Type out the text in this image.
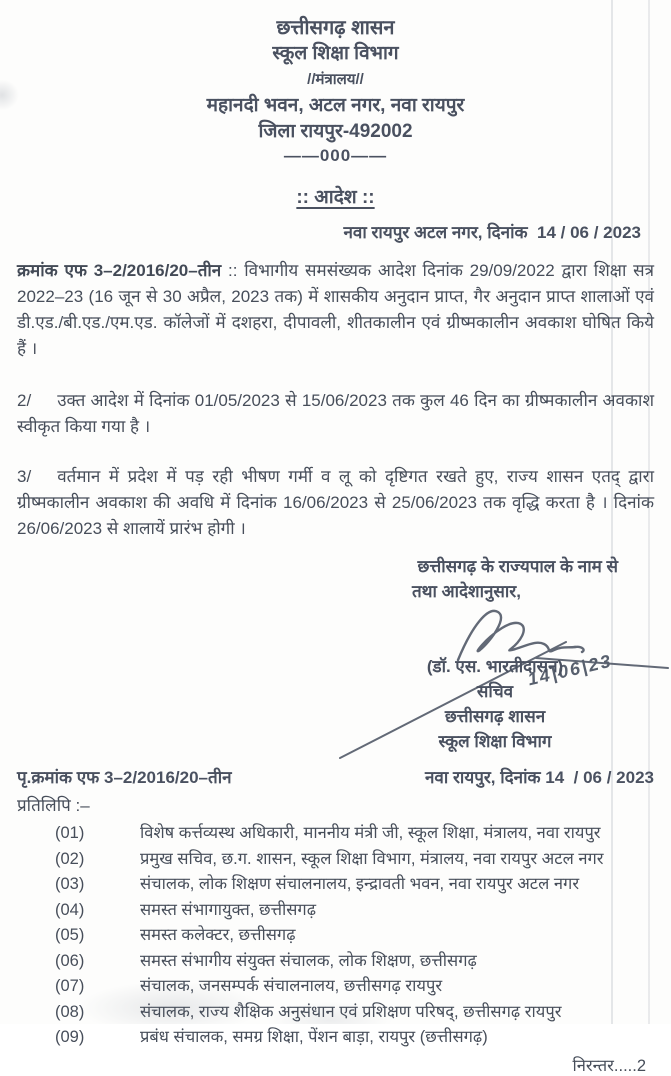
छत्तीसगढ़ शासन
स्कूल शिक्षा विभाग
//मंत्रालय//
महानदी भवन, अटल नगर, नवा रायपुर
जिला रायपुर-492002
——000——
:: आदेश ::
नवा रायपुर अटल नगर, दिनांक  14 / 06 / 2023

क्रमांक एफ 3–2/2016/20–तीन :: विभागीय समसंख्यक आदेश दिनांक 29/09/2022 द्वारा शिक्षा सत्र 2022–23 (16 जून से 30 अप्रैल, 2023 तक) में शासकीय अनुदान प्राप्त, गैर अनुदान प्राप्त शालाओं एवं डी.एड./बी.एड./एम.एड. कॉलेजों में दशहरा, दीपावली, शीतकालीन एवं ग्रीष्मकालीन अवकाश घोषित किये हैं ।

2/ उक्त आदेश में दिनांक 01/05/2023 से 15/06/2023 तक कुल 46 दिन का ग्रीष्मकालीन अवकाश स्वीकृत किया गया है ।

3/ वर्तमान में प्रदेश में पड़ रही भीषण गर्मी व लू को दृष्टिगत रखते हुए, राज्य शासन एतद् द्वारा ग्रीष्मकालीन अवकाश की अवधि में दिनांक 16/06/2023 से 25/06/2023 तक वृद्धि करता है । दिनांक 26/06/2023 से शालायें प्रारंभ होगी ।

छत्तीसगढ़ के राज्यपाल के नाम से
तथा आदेशानुसार,
14|06|23
(डॉ. एस. भारतीदासन)
सचिव
छत्तीसगढ़ शासन
स्कूल शिक्षा विभाग
पृ.क्रमांक एफ 3–2/2016/20–तीन	नवा रायपुर, दिनांक 14  / 06 / 2023
प्रतिलिपि :–
(01)	विशेष कर्त्तव्यस्थ अधिकारी, माननीय मंत्री जी, स्कूल शिक्षा, मंत्रालय, नवा रायपुर
(02)	प्रमुख सचिव, छ.ग. शासन, स्कूल शिक्षा विभाग, मंत्रालय, नवा रायपुर अटल नगर
(03)	संचालक, लोक शिक्षण संचालनालय, इन्द्रावती भवन, नवा रायपुर अटल नगर
(04)	समस्त संभागायुक्त, छत्तीसगढ़
(05)	समस्त कलेक्टर, छत्तीसगढ़
(06)	समस्त संभागीय संयुक्त संचालक, लोक शिक्षण, छत्तीसगढ़
(07)	संचालक, जनसम्पर्क संचालनालय, छत्तीसगढ़ रायपुर
(08)	संचालक, राज्य शैक्षिक अनुसंधान एवं प्रशिक्षण परिषद्, छत्तीसगढ़ रायपुर
(09)	प्रबंध संचालक, समग्र शिक्षा, पेंशन बाड़ा, रायपुर (छत्तीसगढ़)
निरन्तर.....2
